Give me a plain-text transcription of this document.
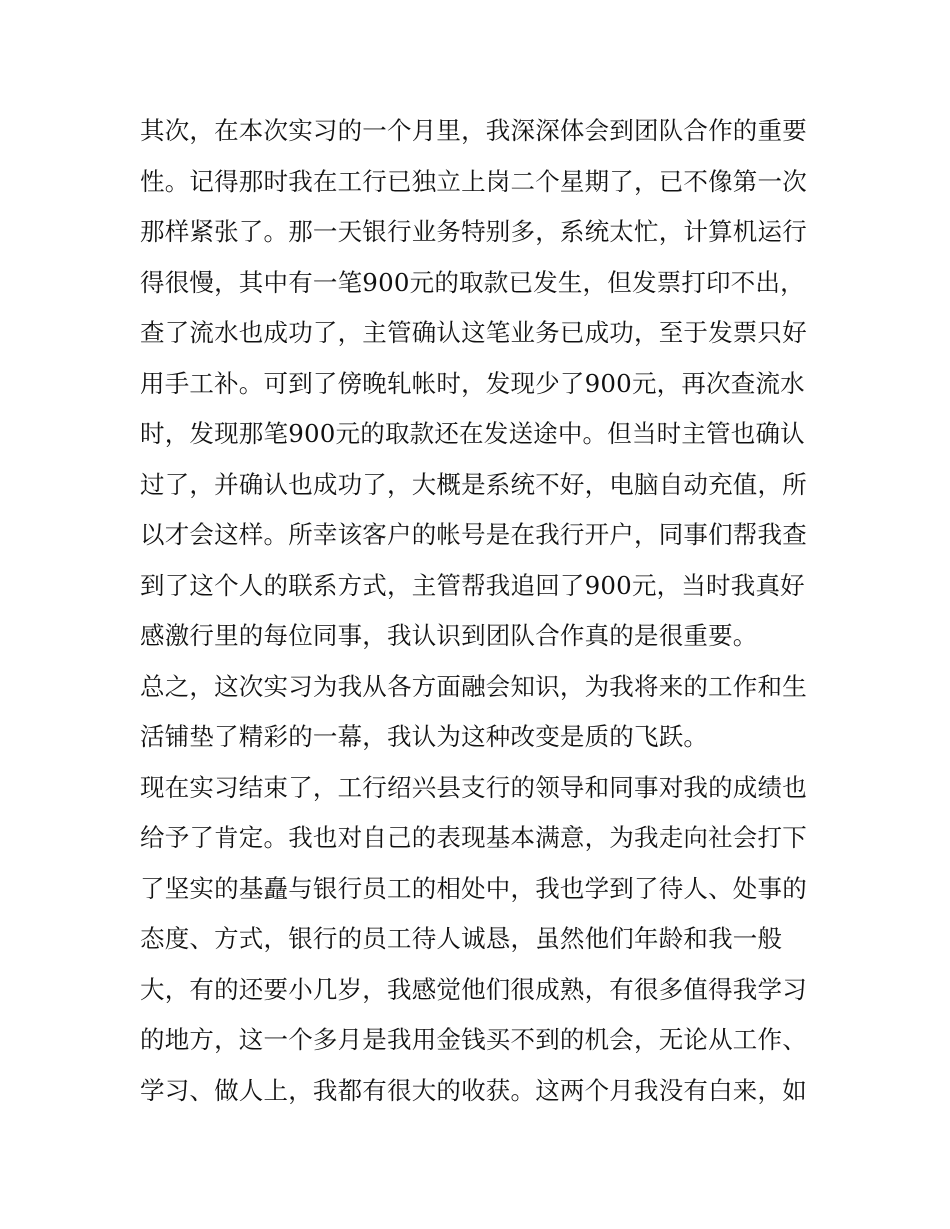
其次，在本次实习的一个月里，我深深体会到团队合作的重要
性。记得那时我在工行已独立上岗二个星期了，已不像第一次
那样紧张了。那一天银行业务特别多，系统太忙，计算机运行
得很慢，其中有一笔900元的取款已发生，但发票打印不出，
查了流水也成功了，主管确认这笔业务已成功，至于发票只好
用手工补。可到了傍晚轧帐时，发现少了900元，再次查流水
时，发现那笔900元的取款还在发送途中。但当时主管也确认
过了，并确认也成功了，大概是系统不好，电脑自动充值，所
以才会这样。所幸该客户的帐号是在我行开户，同事们帮我查
到了这个人的联系方式，主管帮我追回了900元，当时我真好
感激行里的每位同事，我认识到团队合作真的是很重要。
总之，这次实习为我从各方面融会知识，为我将来的工作和生
活铺垫了精彩的一幕，我认为这种改变是质的飞跃。
现在实习结束了，工行绍兴县支行的领导和同事对我的成绩也
给予了肯定。我也对自己的表现基本满意，为我走向社会打下
了坚实的基矗与银行员工的相处中，我也学到了待人、处事的
态度、方式，银行的员工待人诚恳，虽然他们年龄和我一般
大，有的还要小几岁，我感觉他们很成熟，有很多值得我学习
的地方，这一个多月是我用金钱买不到的机会，无论从工作、
学习、做人上，我都有很大的收获。这两个月我没有白来，如
